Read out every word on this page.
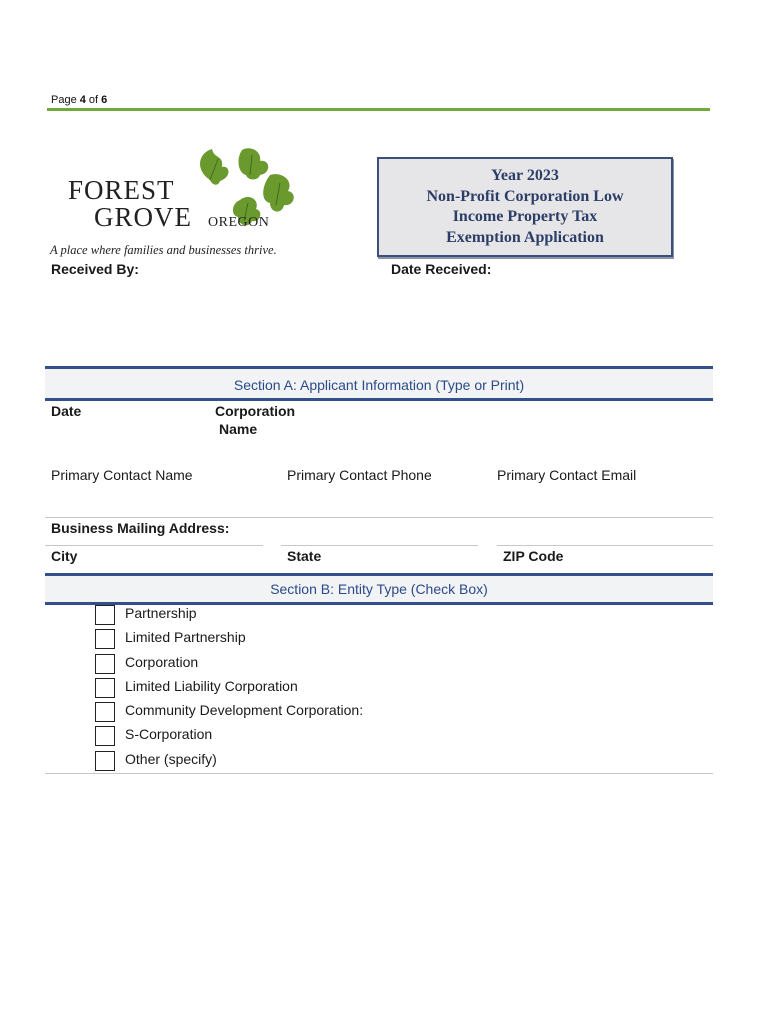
Page 4 of 6
FOREST
GROVE OREGON
A place where families and businesses thrive.
Year 2023
Non-Profit Corporation Low
Income Property Tax
Exemption Application
Received By:	Date Received:
Section A: Applicant Information (Type or Print)
Date	Corporation
Name
Primary Contact Name	Primary Contact Phone	Primary Contact Email
Business Mailing Address:
City	State	ZIP Code
Section B: Entity Type (Check Box)
Partnership
Limited Partnership
Corporation
Limited Liability Corporation
Community Development Corporation:
S-Corporation
Other (specify)
